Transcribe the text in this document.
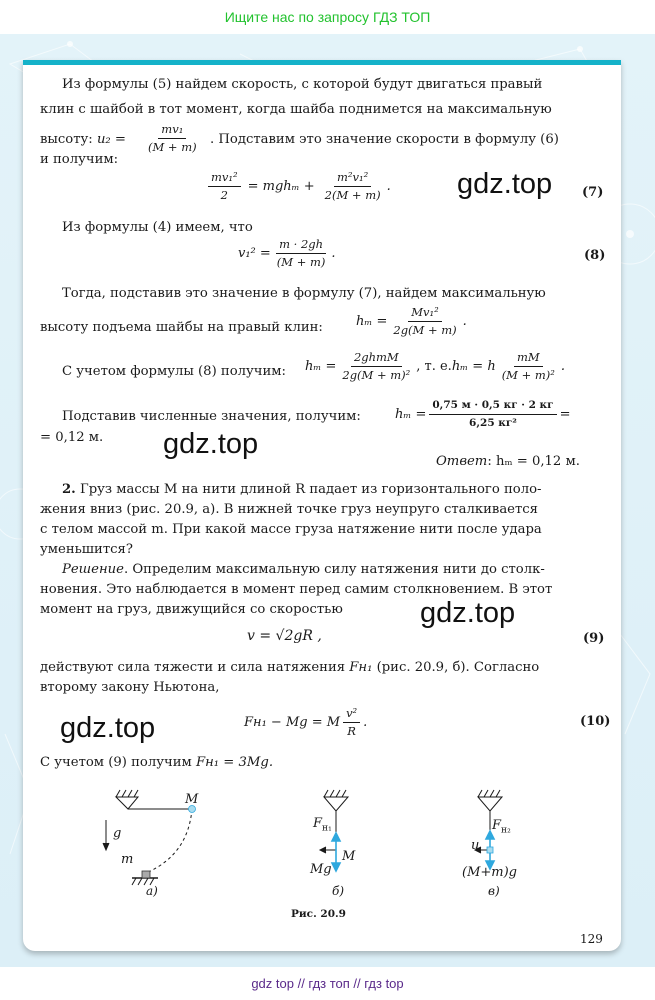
Ищите нас по запросу ГДЗ ТОП
Из формулы (5) найдем скорость, с которой будут двигаться правый
клин с шайбой в тот момент, когда шайба поднимется на максимальную
высоту: $u_2 = \frac{\text{mv₁}}{(M + m)}$ . Подставим это значение скорости в формулу (6)
и получим:
$\frac{\text{mv₁²}}{2} = mgh_m + \frac{\text{m²v₁²}}{2(M + m)}$ . gdz.top (7)
Из формулы (4) имеем, что
$v_1^2 = \frac{m \cdot 2gh}{(M + m)}$ .	(8)
Тогда, подставив это значение в формулу (7), найдем максимальную
высоту подъема шайбы на правый клин:	$h_m = \frac{\text{Mv₁²}}{2g(M + m)}$ .
С учетом формулы (8) получим: $h_m = \frac{\text{2ghmM}}{\text{2g(M + m)²}}$ , т. е. hₘ = h $\frac{mM}{\text{(M + m)²}}$ .
Подставив численные значения, получим:	$h_m = \frac{0,75 м \cdot 0,5 кг \cdot 2 кг}{\text{6,25 кг²}}$ =
= 0,12 м. gdz.top
Ответ: hₘ = 0,12 м.
2. Груз массы M на нити длиной R падает из горизонтального поло-
жения вниз (рис. 20.9, а). В нижней точке груз неупруго сталкивается
с телом массой m. При какой массе груза натяжение нити после удара
уменьшится?
Решение. Определим максимальную силу натяжения нити до столк-
новения. Это наблюдается в момент перед самим столкновением. В этот
момент на груз, движущийся со скоростью	gdz.top
v = √2gR ,	(9)
действуют сила тяжести и сила натяжения Fн₁ (рис. 20.9, б). Согласно
второму закону Ньютона,
gdz.top	Fн₁ − Mg = M $\frac{\text{v²}}{R}$ .	(10)
С учетом (9) получим Fн₁ = 3Mg.
M
g
m
а)
$F_{н_1}$
M
Mg
б)
$F_{н_2}$
u
(M+m)g
в)
Рис. 20.9
129
gdz top // гдз топ // гдз top
